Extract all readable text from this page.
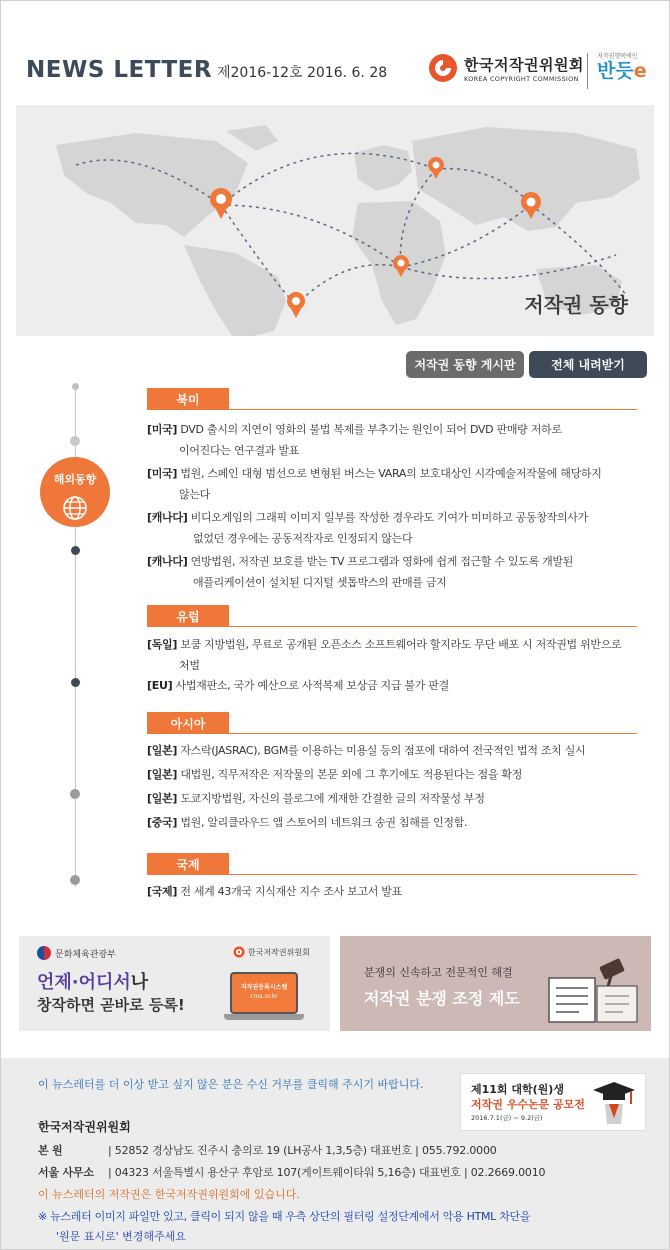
NEWS LETTER 제2016-12호 2016. 6. 28	한국저작권위원회
KOREA COPYRIGHT COMMISSION
저작권행복에인
반듯e
저작권 동향
저작권 동향 게시판	전체 내려받기
해외동향
북미
[미국] DVD 출시의 지연이 영화의 불법 복제를 부추기는 원인이 되어 DVD 판매량 저하로
이어진다는 연구결과 발표
[미국] 법원, 스페인 대형 범선으로 변형된 버스는 VARA의 보호대상인 시각예술저작물에 해당하지
않는다
[캐나다] 비디오게임의 그래픽 이미지 일부를 작성한 경우라도 기여가 미미하고 공동창작의사가
없었던 경우에는 공동저작자로 인정되지 않는다
[캐나다] 연방법원, 저작권 보호를 받는 TV 프로그램과 영화에 쉽게 접근할 수 있도록 개발된
애플리케이션이 설치된 디지털 셋톱박스의 판매를 금지
유럽
[독일] 보쿰 지방법원, 무료로 공개된 오픈소스 소프트웨어라 할지라도 무단 배포 시 저작권법 위반으로
처벌
[EU] 사법재판소, 국가 예산으로 사적복제 보상금 지급 불가 판결
아시아
[일본] 자스락(JASRAC), BGM를 이용하는 미용실 등의 점포에 대하여 전국적인 법적 조치 실시
[일본] 대법원, 직무저작은 저작물의 본문 외에 그 후기에도 적용된다는 점을 확정
[일본] 도쿄지방법원, 자신의 블로그에 게재한 간결한 글의 저작물성 부정
[중국] 법원, 알리클라우드 앱 스토어의 네트워크 송권 침해를 인정함.
국제
[국제] 전 세계 43개국 지식재산 지수 조사 보고서 발표
문화체육관광부	한국저작권위원회
언제·어디서나
창작하면 곧바로 등록!
저작권등록시스템
cros.or.kr
분쟁의 신속하고 전문적인 해결
저작권 분쟁 조정 제도
이 뉴스레터를 더 이상 받고 싶지 않은 분은 수신 거부를 클릭해 주시기 바랍니다.	제11회 대학(원)생
저작권 우수논문 공모전
2016.7.1(금) ~ 9.2(금)
한국저작권위원회
본 원	| 52852 경상남도 진주시 충의로 19 (LH공사 1,3,5층) 대표번호 | 055.792.0000
서울 사무소 | 04323 서울특별시 용산구 후암로 107(게이트웨이타워 5,16층) 대표번호 | 02.2669.0010
이 뉴스레터의 저작권은 한국저작권위원회에 있습니다.
※ 뉴스레터 이미지 파일만 있고, 클릭이 되지 않을 때 우측 상단의 필터링 설정단계에서 악용 HTML 차단을
'원문 표시로' 변경해주세요
